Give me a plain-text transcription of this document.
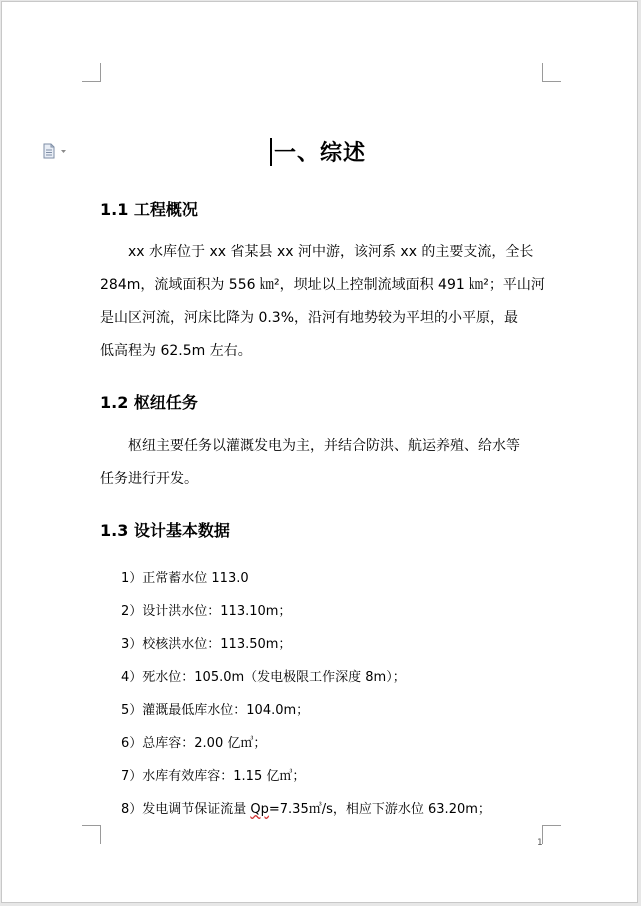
一、综述
1.1 工程概况
xx 水库位于 xx 省某县 xx 河中游，该河系 xx 的主要支流，全长
284m，流域面积为 556 ㎞²，坝址以上控制流域面积 491 ㎞²；平山河
是山区河流，河床比降为 0.3%，沿河有地势较为平坦的小平原，最
低高程为 62.5m 左右。
1.2 枢纽任务
枢纽主要任务以灌溉发电为主，并结合防洪、航运养殖、给水等
任务进行开发。
1.3 设计基本数据
1）正常蓄水位 113.0
2）设计洪水位：113.10m；
3）校核洪水位：113.50m；
4）死水位：105.0m（发电极限工作深度 8m）；
5）灌溉最低库水位：104.0m；
6）总库容：2.00 亿㎥；
7）水库有效库容：1.15 亿㎥；
8）发电调节保证流量 Qp=7.35㎥/s，相应下游水位 63.20m；
1
